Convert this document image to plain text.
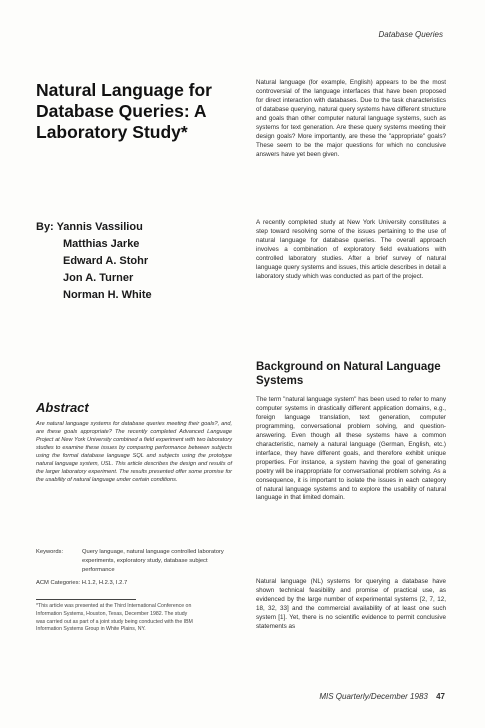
Database Queries
Natural Language for
Database Queries: A
Laboratory Study*
By: Yannis Vassiliou
Matthias Jarke
Edward A. Stohr
Jon A. Turner
Norman H. White
Abstract
Are natural language systems for database queries meeting their goals?, and, are these goals appropriate? The recently completed Advanced Language Project at New York University combined a field experiment with two laboratory studies to examine these issues by comparing performance between subjects using the formal database language SQL and subjects using the prototype natural language system, USL. This article describes the design and results of the larger laboratory experiment. The results presented offer some promise for the usability of natural language under certain conditions.
Keywords:	Query language, natural language controlled laboratory experiments, exploratory study, database subject performance
ACM Categories: H.1.2, H.2.3, I.2.7
*This article was presented at the Third International Conference on Information Systems, Houston, Texas, December 1982. The study was carried out as part of a joint study being conducted with the IBM Information Systems Group in White Plains, NY.

Natural language (for example, English) appears to be the most controversial of the language interfaces that have been proposed for direct interaction with databases. Due to the task characteristics of database querying, natural query systems have different structure and goals than other computer natural language systems, such as systems for text generation. Are these query systems meeting their design goals? More importantly, are these the "appropriate" goals? These seem to be the major questions for which no conclusive answers have yet been given.

A recently completed study at New York University constitutes a step toward resolving some of the issues pertaining to the use of natural language for database queries. The overall approach involves a combination of exploratory field evaluations with controlled laboratory studies. After a brief survey of natural language query systems and issues, this article describes in detail a laboratory study which was conducted as part of the project.

Background on Natural Language Systems

The term "natural language system" has been used to refer to many computer systems in drastically different application domains, e.g., foreign language translation, text generation, computer programming, conversational problem solving, and question-answering. Even though all these systems have a common characteristic, namely a natural language (German, English, etc.) interface, they have different goals, and therefore exhibit unique properties. For instance, a system having the goal of generating poetry will be inappropriate for conversational problem solving. As a consequence, it is important to isolate the issues in each category of natural language systems and to explore the usability of natural language in that limited domain.

Natural language (NL) systems for querying a database have shown technical feasibility and promise of practical use, as evidenced by the large number of experimental systems [2, 7, 12, 18, 32, 33] and the commercial availability of at least one such system [1]. Yet, there is no scientific evidence to permit conclusive statements as

MIS Quarterly/December 1983 47
